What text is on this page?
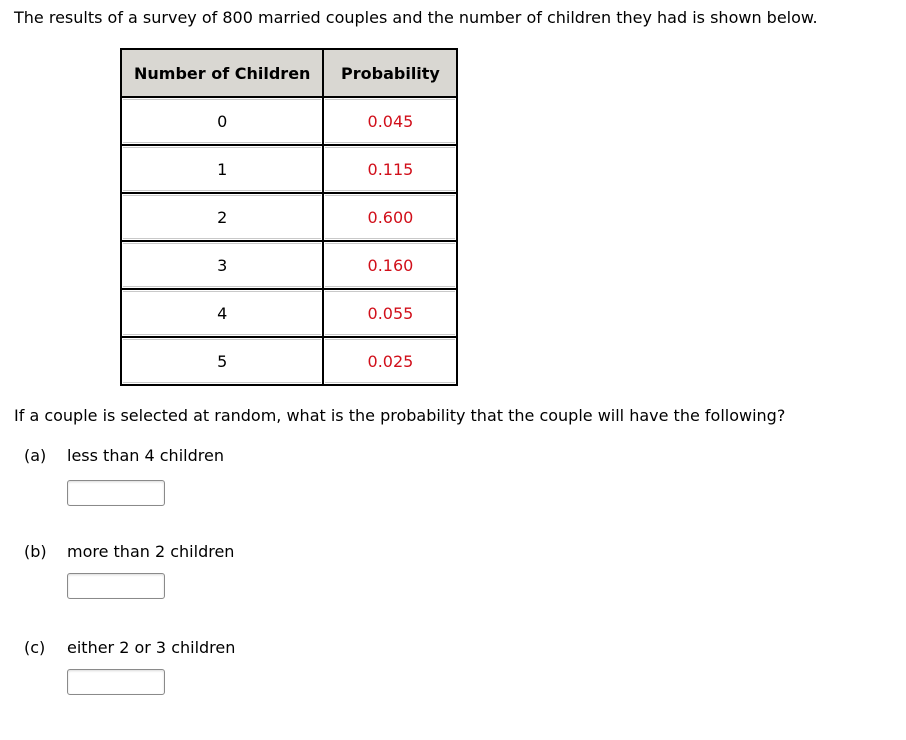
The results of a survey of 800 married couples and the number of children they had is shown below.
Number of Children	Probability

0	0.045

1	0.115

2	0.600

3	0.160

4	0.055

5	0.025
If a couple is selected at random, what is the probability that the couple will have the following?
(a) less than 4 children
(b) more than 2 children
(c) either 2 or 3 children
